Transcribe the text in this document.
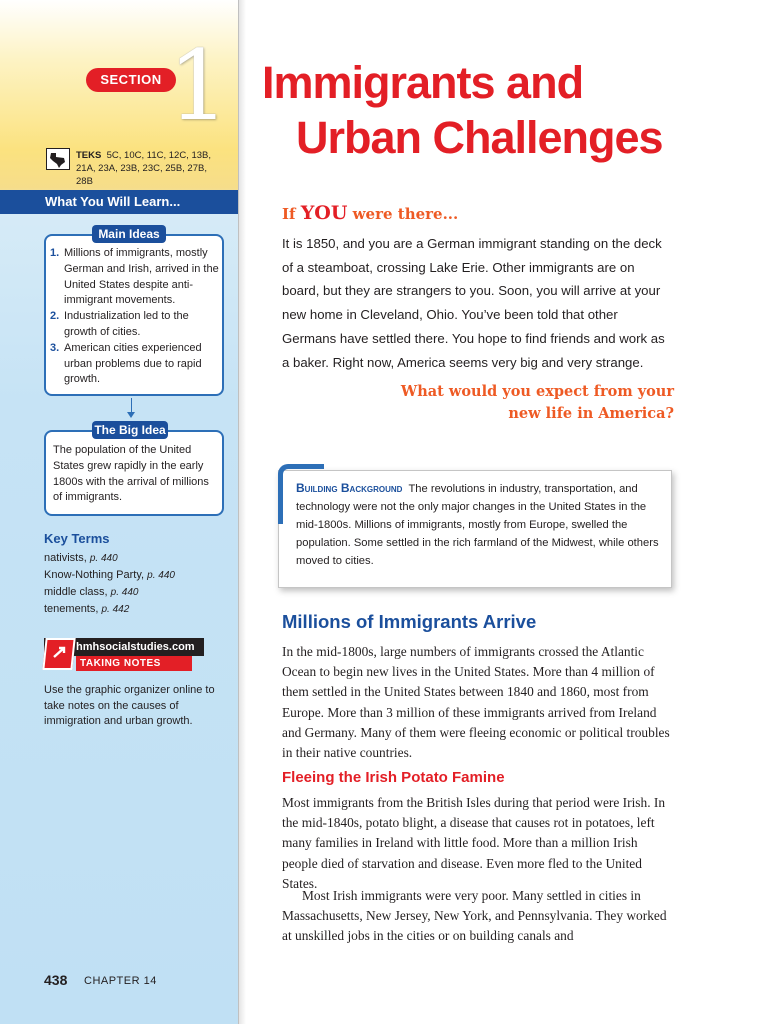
SECTION 1 Immigrants and
Urban Challenges
TEKS 5C, 10C, 11C, 12C, 13B, 21A, 23A, 23B, 23C, 25B, 27B, 28B
What You Will Learn...
Main Ideas
1. Millions of immigrants, mostly German and Irish, arrived in the United States despite anti-immigrant movements.
2. Industrialization led to the growth of cities.
3. American cities experienced urban problems due to rapid growth.
The Big Idea
The population of the United States grew rapidly in the early 1800s with the arrival of millions of immigrants.
Key Terms
nativists, p. 440
Know-Nothing Party, p. 440
middle class, p. 440
tenements, p. 442
hmhsocialstudies.com
TAKING NOTES
Use the graphic organizer online to take notes on the causes of immigration and urban growth.
If YOU were there...
It is 1850, and you are a German immigrant standing on the deck of a steamboat, crossing Lake Erie. Other immigrants are on board, but they are strangers to you. Soon, you will arrive at your new home in Cleveland, Ohio. You’ve been told that other Germans have settled there. You hope to find friends and work as a baker. Right now, America seems very big and very strange.
What would you expect from your new life in America?
Building Background The revolutions in industry, transportation, and technology were not the only major changes in the United States in the mid-1800s. Millions of immigrants, mostly from Europe, swelled the population. Some settled in the rich farmland of the Midwest, while others moved to cities.
Millions of Immigrants Arrive
In the mid-1800s, large numbers of immigrants crossed the Atlantic Ocean to begin new lives in the United States. More than 4 million of them settled in the United States between 1840 and 1860, most from Europe. More than 3 million of these immigrants arrived from Ireland and Germany. Many of them were fleeing economic or political troubles in their native countries.
Fleeing the Irish Potato Famine
Most immigrants from the British Isles during that period were Irish. In the mid-1840s, potato blight, a disease that causes rot in potatoes, left many families in Ireland with little food. More than a million Irish people died of starvation and disease. Even more fled to the United States.
Most Irish immigrants were very poor. Many settled in cities in Massachusetts, New Jersey, New York, and Pennsylvania. They worked at unskilled jobs in the cities or on building canals and
438 CHAPTER 14
